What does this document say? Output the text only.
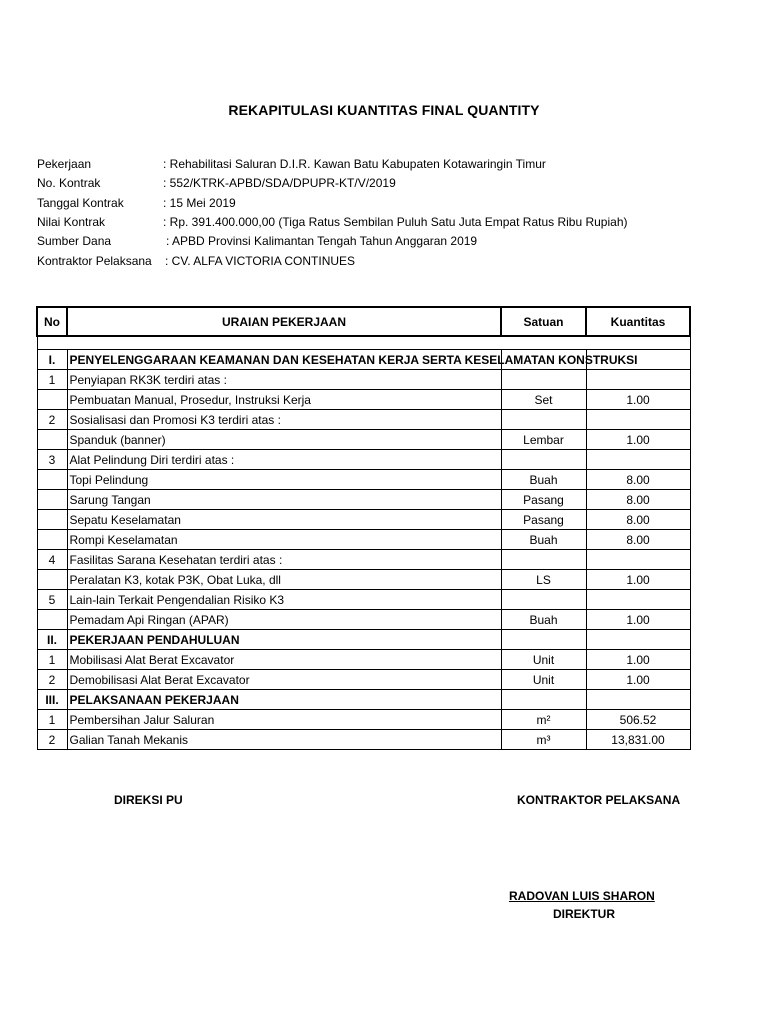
REKAPITULASI KUANTITAS FINAL QUANTITY
Pekerjaan	: Rehabilitasi Saluran D.I.R. Kawan Batu Kabupaten Kotawaringin Timur
No. Kontrak	: 552/KTRK-APBD/SDA/DPUPR-KT/V/2019
Tanggal Kontrak	: 15 Mei 2019
Nilai Kontrak	: Rp. 391.400.000,00 (Tiga Ratus Sembilan Puluh Satu Juta Empat Ratus Ribu Rupiah)
Sumber Dana	: APBD Provinsi Kalimantan Tengah Tahun Anggaran 2019
Kontraktor Pelaksana : CV. ALFA VICTORIA CONTINUES
No	URAIAN PEKERJAAN	Satuan	Kuantitas

I.	PENYELENGGARAAN KEAMANAN DAN KESEHATAN KERJA SERTA KESELAMATAN KONSTRUKSI		
1	Penyiapan RK3K terdiri atas :		
	Pembuatan Manual, Prosedur, Instruksi Kerja	Set	1.00
2	Sosialisasi dan Promosi K3 terdiri atas :		
	Spanduk (banner)	Lembar	1.00
3	Alat Pelindung Diri terdiri atas :		
	Topi Pelindung	Buah	8.00
	Sarung Tangan	Pasang	8.00
	Sepatu Keselamatan	Pasang	8.00
	Rompi Keselamatan	Buah	8.00
4	Fasilitas Sarana Kesehatan terdiri atas :		
	Peralatan K3, kotak P3K, Obat Luka, dll	LS	1.00
5	Lain-lain Terkait Pengendalian Risiko K3		
	Pemadam Api Ringan (APAR)	Buah	1.00
II.	PEKERJAAN PENDAHULUAN		
1	Mobilisasi Alat Berat Excavator	Unit	1.00
2	Demobilisasi Alat Berat Excavator	Unit	1.00
III.	PELAKSANAAN PEKERJAAN		
1	Pembersihan Jalur Saluran	m²	506.52
2	Galian Tanah Mekanis	m³	13,831.00
DIREKSI PU	KONTRAKTOR PELAKSANA
RADOVAN LUIS SHARON
DIREKTUR
